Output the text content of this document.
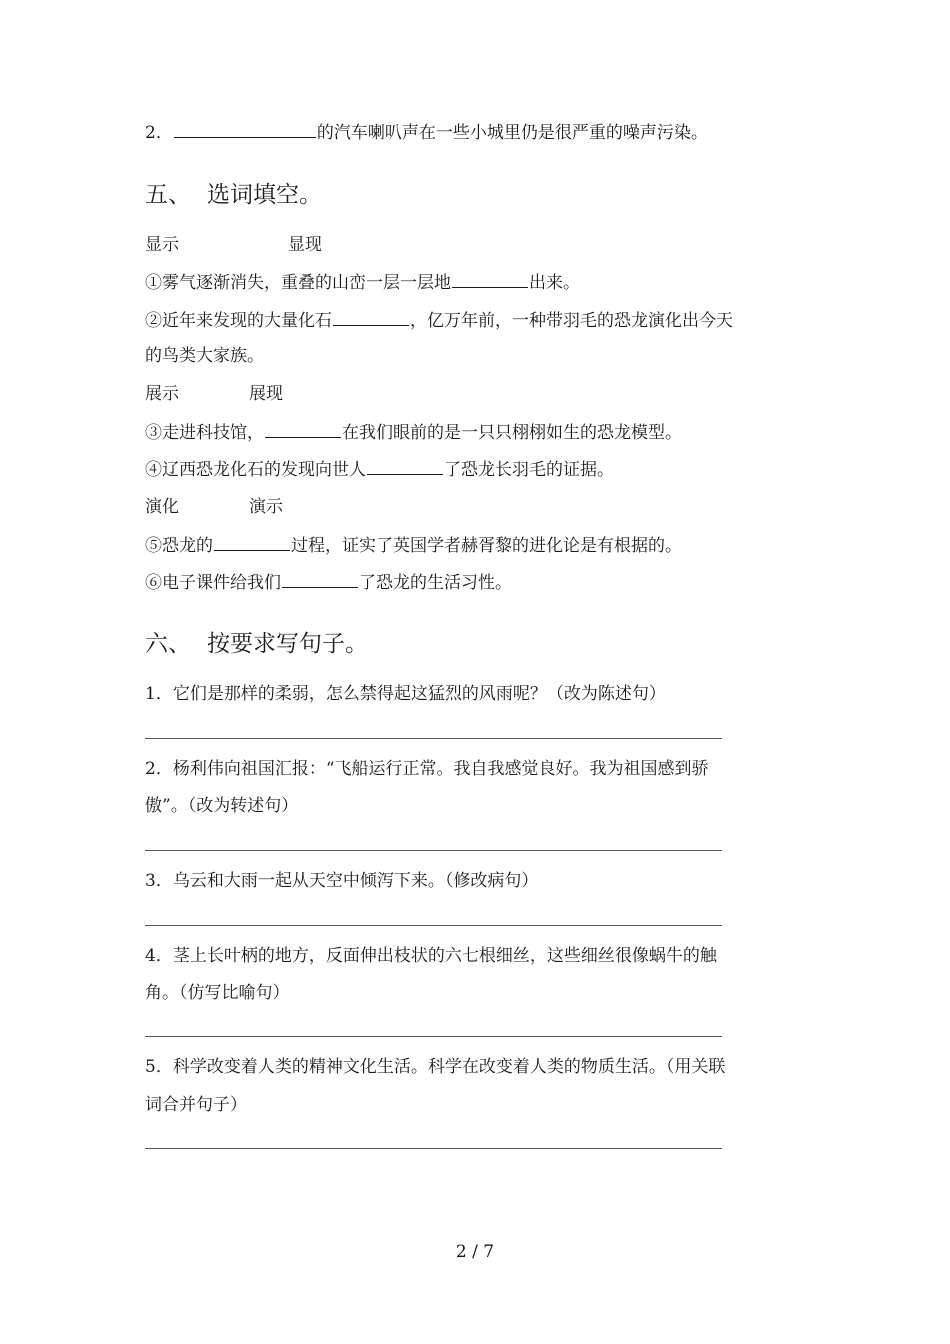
2．	的汽车喇叭声在一些小城里仍是很严重的噪声污染。
五、 选词填空。
显示	显现
①雾气逐渐消失，重叠的山峦一层一层地	出来。
②近年来发现的大量化石	，亿万年前，一种带羽毛的恐龙演化出今天
的鸟类大家族。
展示	展现
③走进科技馆，	在我们眼前的是一只只栩栩如生的恐龙模型。
④辽西恐龙化石的发现向世人	了恐龙长羽毛的证据。
演化	演示
⑤恐龙的	过程，证实了英国学者赫胥黎的进化论是有根据的。
⑥电子课件给我们	了恐龙的生活习性。
六、 按要求写句子。
1．它们是那样的柔弱，怎么禁得起这猛烈的风雨呢？（改为陈述句）
2．杨利伟向祖国汇报：“飞船运行正常。我自我感觉良好。我为祖国感到骄
傲”。（改为转述句）
3．乌云和大雨一起从天空中倾泻下来。（修改病句）
4．茎上长叶柄的地方，反面伸出枝状的六七根细丝，这些细丝很像蜗牛的触
角。（仿写比喻句）
5．科学改变着人类的精神文化生活。科学在改变着人类的物质生活。（用关联
词合并句子）
2 / 7
